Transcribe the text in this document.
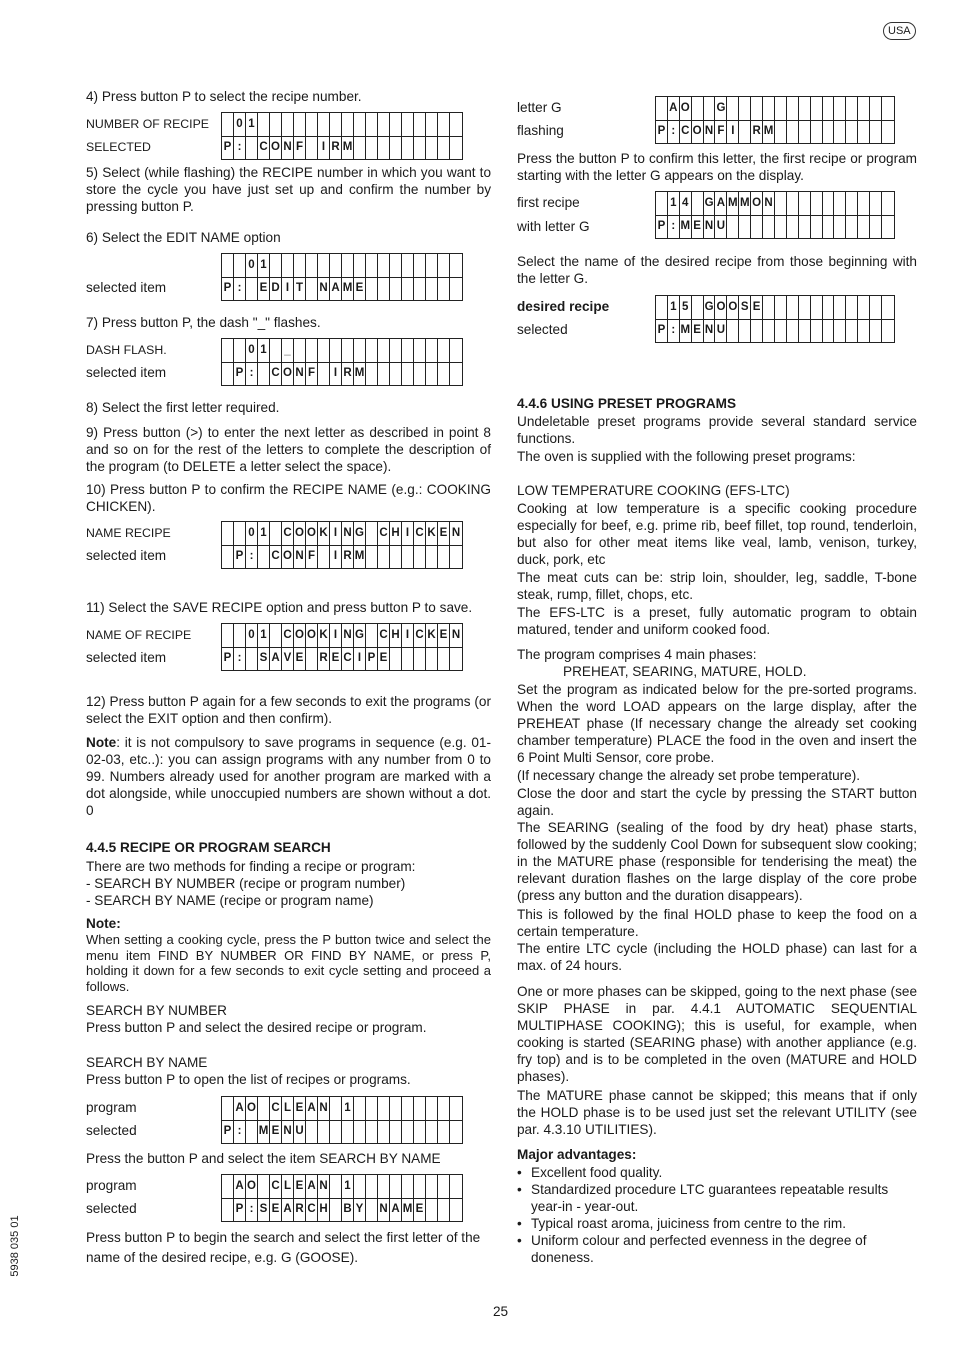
USA
5938 035 01
25
4) Press button P to select the recipe number.
NUMBER OF RECIPE
SELECTED
0 1
P :	C O N F	I R M
5) Select (while flashing) the RECIPE number in which you want to store the cycle you have just set up and confirm the number by pressing button P.
6) Select the EDIT NAME option
selected item
0 1
P :	E D I T N A M E
7) Press button P, the dash "_" flashes.
DASH FLASH.
selected item
0 1 _
P :	C O N F	I R M
8) Select the first letter required.
9) Press button (>) to enter the next letter as described in point 8 and so on for the rest of the letters to complete the description of the program (to DELETE a letter select the space).
10) Press button P to confirm the RECIPE NAME (e.g.: COOKING CHICKEN).
NAME RECIPE
selected item
0 1 C O O K I N G C H I C K E N
P :	C O N F	I R M
11) Select the SAVE RECIPE option and press button P to save.
NAME OF RECIPE
selected item
0 1 C O O K I N G C H I C K E N
P :	S A V E R E C I P E
12) Press button P again for a few seconds to exit the programs (or select the EXIT option and then confirm).
Note: it is not compulsory to save programs in sequence (e.g. 01-02-03, etc..): you can assign programs with any number from 0 to 99. Numbers already used for another program are marked with a dot alongside, while unoccupied numbers are shown without a dot. 0
4.4.5 RECIPE OR PROGRAM SEARCH
There are two methods for finding a recipe or program:
- SEARCH BY NUMBER (recipe or program number)
- SEARCH BY NAME (recipe or program name)
Note:
When setting a cooking cycle, press the P button twice and select the menu item FIND BY NUMBER OR FIND BY NAME, or press P, holding it down for a few seconds to exit cycle setting and proceed a follows.
SEARCH BY NUMBER
Press button P and select the desired recipe or program.
SEARCH BY NAME
Press button P to open the list of recipes or programs.
program
selected
A O C L E A N 1
P :	M E N U
Press the button P and select the item SEARCH BY NAME
program
selected
A O C L E A N 1
P : S E A R C H B Y N A M E
Press button P to begin the search and select the first letter of the name of the desired recipe, e.g. G (GOOSE).
letter G
flashing
A O G
P : C O N F I	R M
Press the button P to confirm this letter, the first recipe or program starting with the letter G appears on the display.
first recipe
with letter G
1 4 G A M M O N
P : M E N U
Select the name of the desired recipe from those beginning with the letter G.
desired recipe
selected
1 5 G O O S E
P : M E N U
4.4.6 USING PRESET PROGRAMS
Undeletable preset programs provide several standard service functions.
The oven is supplied with the following preset programs:
LOW TEMPERATURE COOKING (EFS-LTC)
Cooking at low temperature is a specific cooking procedure especially for beef, e.g. prime rib, beef fillet, top round, tenderloin, but also for other meat items like veal, lamb, venison, turkey, duck, pork, etc
The meat cuts can be: strip loin, shoulder, leg, saddle, T-bone steak, rump, fillet, chops, etc.
The EFS-LTC is a preset, fully automatic program to obtain matured, tender and uniform cooked food.
The program comprises 4 main phases:
PREHEAT, SEARING, MATURE, HOLD.
Set the program as indicated below for the pre-sorted programs. When the word LOAD appears on the large display, after the PREHEAT phase (If necessary change the already set cooking chamber temperature) PLACE the food in the oven and insert the 6 Point Multi Sensor, core probe.
(If necessary change the already set probe temperature).
Close the door and start the cycle by pressing the START button again.
The SEARING (sealing of the food by dry heat) phase starts, followed by the suddenly Cool Down for subsequent slow cooking; in the MATURE phase (responsible for tenderising the meat) the relevant duration flashes on the large display of the core probe (press any button and the duration disappears).
This is followed by the final HOLD phase to keep the food on a certain temperature.
The entire LTC cycle (including the HOLD phase) can last for a max. of 24 hours.
One or more phases can be skipped, going to the next phase (see SKIP PHASE in par. 4.4.1 AUTOMATIC SEQUENTIAL MULTIPHASE COOKING); this is useful, for example, when cooking is started (SEARING phase) with another appliance (e.g. fry top) and is to be completed in the oven (MATURE and HOLD phases).
The MATURE phase cannot be skipped; this means that if only the HOLD phase is to be used just set the relevant UTILITY (see par. 4.3.10 UTILITIES).
Major advantages:
• Excellent food quality.
• Standardized procedure LTC guarantees repeatable results year-in - year-out.
• Typical roast aroma, juiciness from centre to the rim.
• Uniform colour and perfected evenness in the degree of doneness.
